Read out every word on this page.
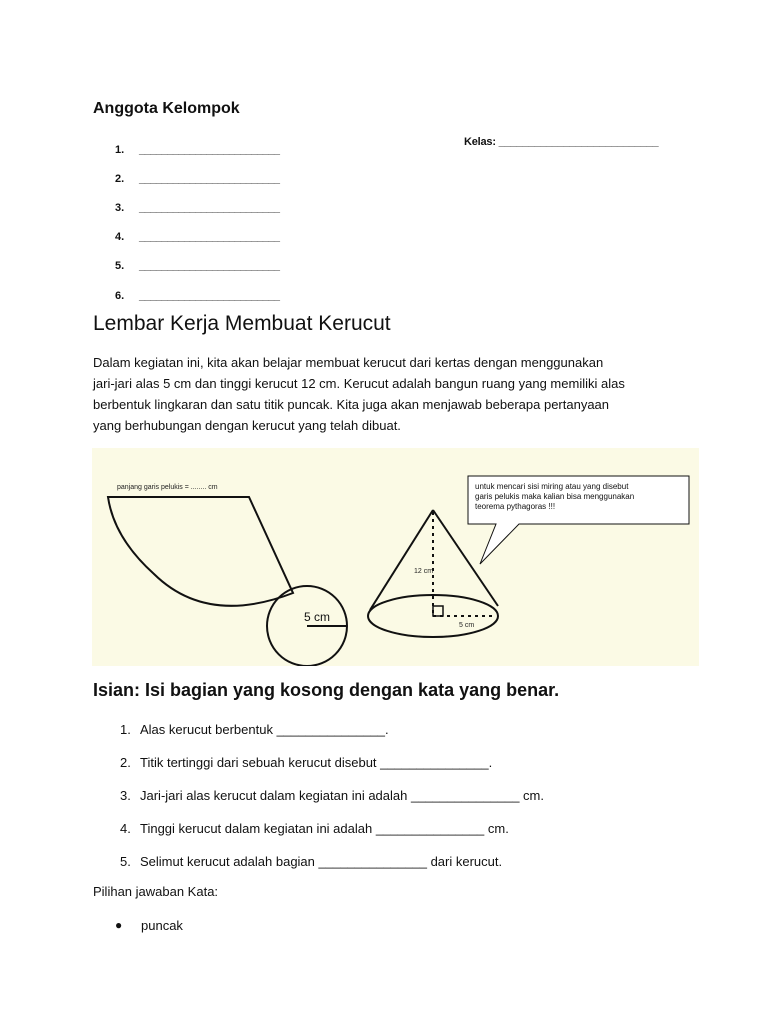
Anggota Kelompok
1.	_________________________
2.	_________________________
3.	_________________________
4.	_________________________
5.	_________________________
6.	_________________________
Kelas: ___________________________
Lembar Kerja Membuat Kerucut

Dalam kegiatan ini, kita akan belajar membuat kerucut dari kertas dengan menggunakan
jari-jari alas 5 cm dan tinggi kerucut 12 cm. Kerucut adalah bangun ruang yang memiliki alas
berbentuk lingkaran dan satu titik puncak. Kita juga akan menjawab beberapa pertanyaan
yang berhubungan dengan kerucut yang telah dibuat.

panjang garis pelukis = ........ cm
5 cm
12 cm
5 cm
untuk mencari sisi miring atau yang disebut garis pelukis maka kalian bisa menggunakan teorema pythagoras !!!
Isian: Isi bagian yang kosong dengan kata yang benar.
1. Alas kerucut berbentuk _______________.
2. Titik tertinggi dari sebuah kerucut disebut _______________.
3. Jari-jari alas kerucut dalam kegiatan ini adalah _______________ cm.
4. Tinggi kerucut dalam kegiatan ini adalah _______________ cm.
5. Selimut kerucut adalah bagian _______________ dari kerucut.
Pilihan jawaban Kata:
●	puncak
